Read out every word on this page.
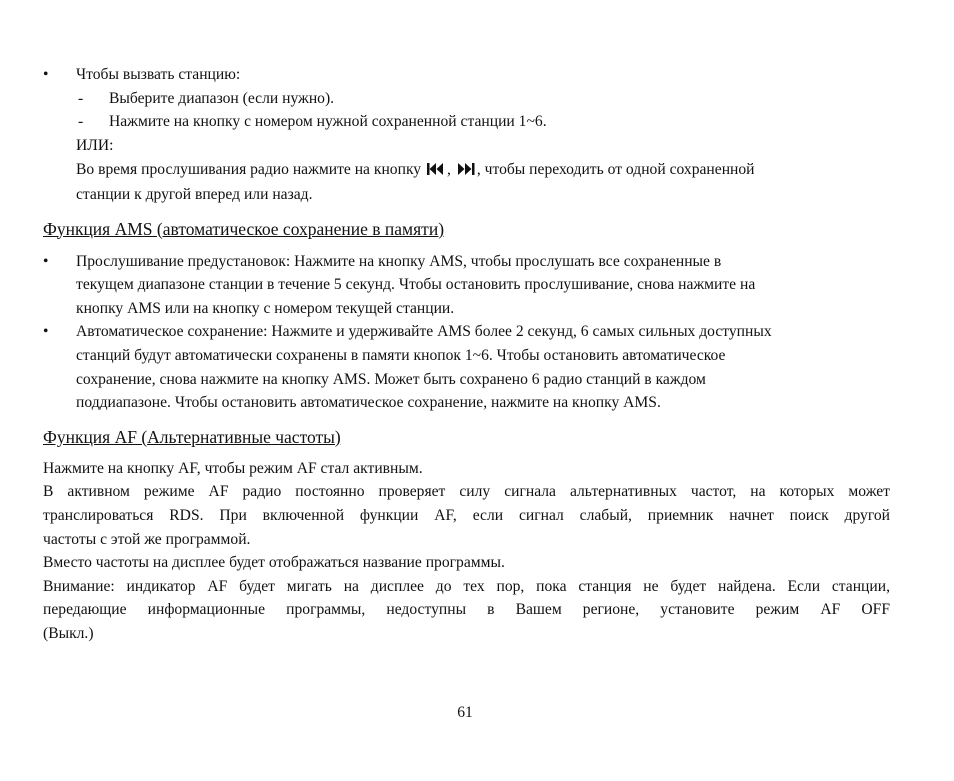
• Чтобы вызвать станцию:
- Выберите диапазон (если нужно).
- Нажмите на кнопку с номером нужной сохраненной станции 1~6.
ИЛИ:
Во время прослушивания радио нажмите на кнопку , , чтобы переходить от одной сохраненной
станции к другой вперед или назад.
Функция AMS (автоматическое сохранение в памяти)
• Прослушивание предустановок: Нажмите на кнопку AMS, чтобы прослушать все сохраненные в
текущем диапазоне станции в течение 5 секунд. Чтобы остановить прослушивание, снова нажмите на
кнопку AMS или на кнопку с номером текущей станции.
• Автоматическое сохранение: Нажмите и удерживайте AMS более 2 секунд, 6 самых сильных доступных
станций будут автоматически сохранены в памяти кнопок 1~6. Чтобы остановить автоматическое
сохранение, снова нажмите на кнопку AMS. Может быть сохранено 6 радио станций в каждом
поддиапазоне. Чтобы остановить автоматическое сохранение, нажмите на кнопку AMS.
Функция AF (Альтернативные частоты)
Нажмите на кнопку AF, чтобы режим AF стал активным.
В активном режиме AF радио постоянно проверяет силу сигнала альтернативных частот, на которых может
транслироваться RDS. При включенной функции AF, если сигнал слабый, приемник начнет поиск другой
частоты с этой же программой.
Вместо частоты на дисплее будет отображаться название программы.
Внимание: индикатор AF будет мигать на дисплее до тех пор, пока станция не будет найдена. Если станции,
передающие информационные программы, недоступны в Вашем регионе, установите режим AF OFF
(Выкл.)
61
